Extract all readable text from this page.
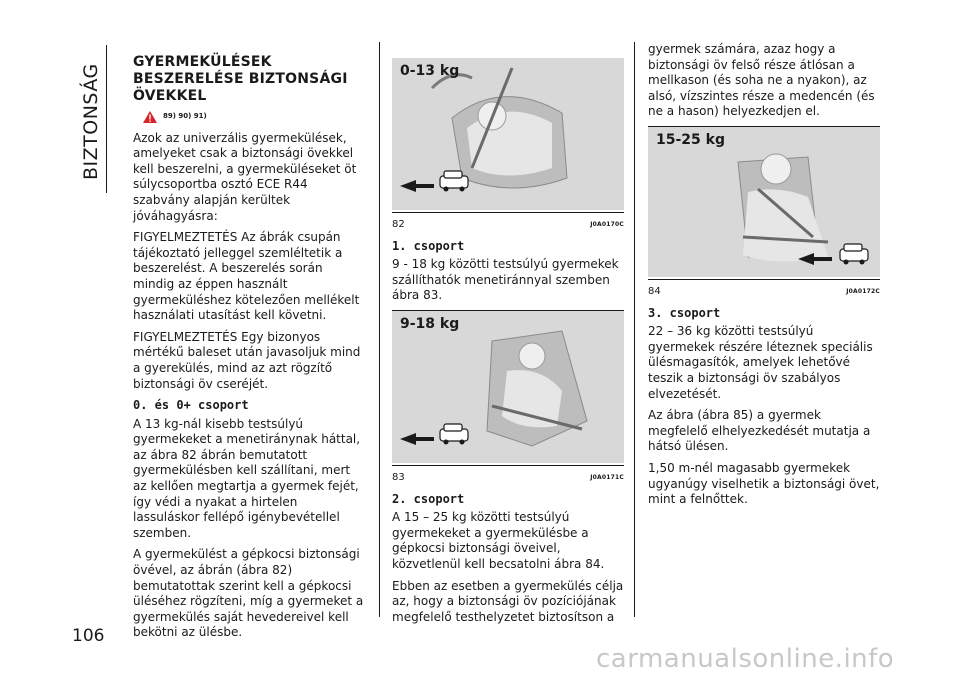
BIZTONSÁG
GYERMEKÜLÉSEK BESZERELÉSE BIZTONSÁGI ÖVEKKEL
89) 90) 91)

Azok az univerzális gyermekülések, amelyeket csak a biztonsági övekkel kell beszerelni, a gyermeküléseket öt súlycsoportba osztó ECE R44 szabvány alapján kerültek jóváhagyásra:

FIGYELMEZTETÉS Az ábrák csupán tájékoztató jelleggel szemléltetik a beszerelést. A beszerelés során mindig az éppen használt gyermeküléshez kötelezően mellékelt használati utasítást kell követni.

FIGYELMEZTETÉS Egy bizonyos mértékű baleset után javasoljuk mind a gyerekülés, mind az azt rögzítő biztonsági öv cseréjét.

0. és 0+ csoport

A 13 kg-nál kisebb testsúlyú gyermekeket a menetiránynak háttal, az ábra 82 ábrán bemutatott gyermekülésben kell szállítani, mert az kellően megtartja a gyermek fejét, így védi a nyakat a hirtelen lassuláskor fellépő igénybevétellel szemben.

A gyermekülést a gépkocsi biztonsági övével, az ábrán (ábra 82) bemutatottak szerint kell a gépkocsi üléséhez rögzíteni, míg a gyermeket a gyermekülés saját hevedereivel kell bekötni az ülésbe.

0-13 kg
82	J0A0170C
1. csoport

9 - 18 kg közötti testsúlyú gyermekek szállíthatók menetiránnyal szemben ábra 83.

9-18 kg
83	J0A0171C
2. csoport

A 15 – 25 kg közötti testsúlyú gyermekeket a gyermekülésbe a gépkocsi biztonsági öveivel, közvetlenül kell becsatolni ábra 84.

Ebben az esetben a gyermekülés célja az, hogy a biztonsági öv pozíciójának megfelelő testhelyzetet biztosítson a

gyermek számára, azaz hogy a biztonsági öv felső része átlósan a mellkason (és soha ne a nyakon), az alsó, vízszintes része a medencén (és ne a hason) helyezkedjen el.

15-25 kg
84	J0A0172C
3. csoport

22 – 36 kg közötti testsúlyú gyermekek részére léteznek speciális ülésmagasítók, amelyek lehetővé teszik a biztonsági öv szabályos elvezetését.

Az ábra (ábra 85) a gyermek megfelelő elhelyezkedését mutatja a hátsó ülésen.

1,50 m-nél magasabb gyermekek ugyanúgy viselhetik a biztonsági övet, mint a felnőttek.

106
carmanualsonline.info
